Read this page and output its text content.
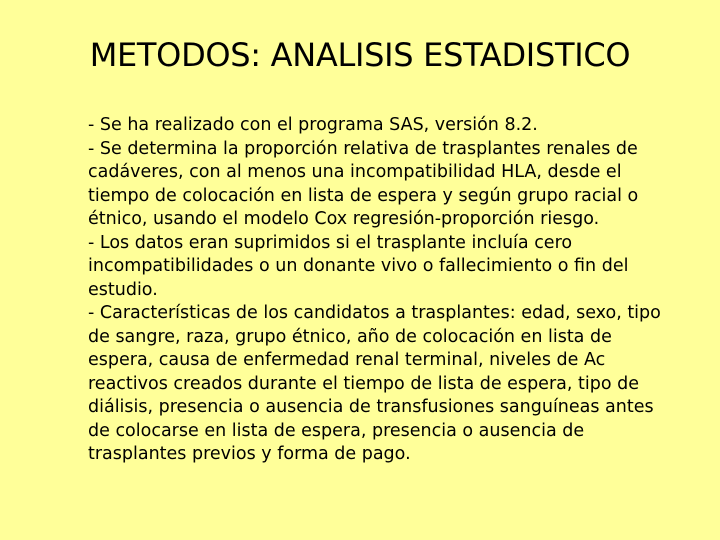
METODOS: ANALISIS ESTADISTICO

- Se ha realizado con el programa SAS, versión 8.2.

- Se determina la proporción relativa de trasplantes renales de cadáveres, con al menos una incompatibilidad HLA, desde el tiempo de colocación en lista de espera y según grupo racial o étnico, usando el modelo Cox regresión-proporción riesgo.

- Los datos eran suprimidos si el trasplante incluía cero incompatibilidades o un donante vivo o fallecimiento o fin del estudio.

- Características de los candidatos a trasplantes: edad, sexo, tipo de sangre, raza, grupo étnico, año de colocación en lista de espera, causa de enfermedad renal terminal, niveles de Ac reactivos creados durante el tiempo de lista de espera, tipo de diálisis, presencia o ausencia de transfusiones sanguíneas antes de colocarse en lista de espera, presencia o ausencia de trasplantes previos y forma de pago.
